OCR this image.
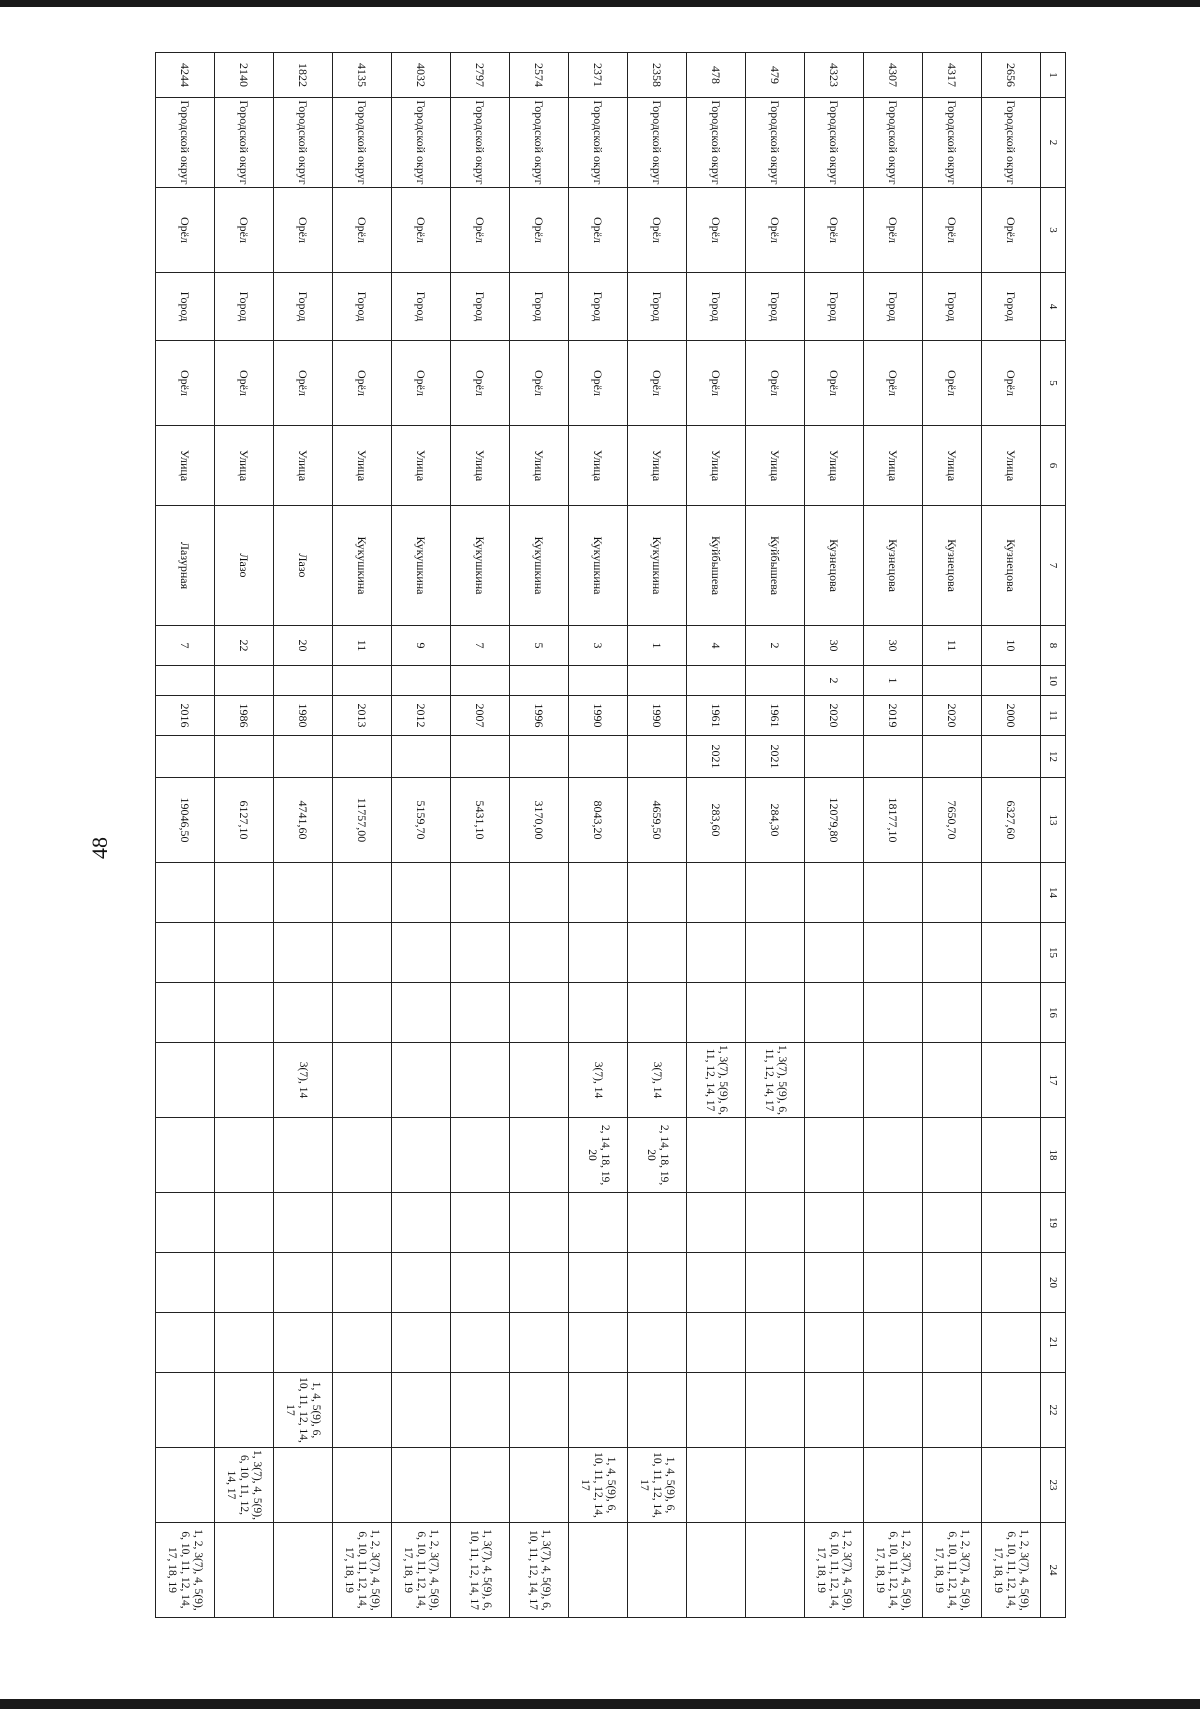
48
1	2	3	4	5	6	7	8	10	11	12	13	14	15	16	17	18	19	20	21	22	23	24
2656	Городской округ	Орёл	Город	Орёл	Улица	Кузнецова	10		2000		6327,60											1, 2, 3(7), 4, 5(9), 6, 10, 11, 12, 14, 17, 18, 19
4317	Городской округ	Орёл	Город	Орёл	Улица	Кузнецова	11		2020		7650,70											1, 2, 3(7), 4, 5(9), 6, 10, 11, 12, 14, 17, 18, 19
4307	Городской округ	Орёл	Город	Орёл	Улица	Кузнецова	30	1	2019		18177,10											1, 2, 3(7), 4, 5(9), 6, 10, 11, 12, 14, 17, 18, 19
4323	Городской округ	Орёл	Город	Орёл	Улица	Кузнецова	30	2	2020		12079,80											1, 2, 3(7), 4, 5(9), 6, 10, 11, 12, 14, 17, 18, 19
479	Городской округ	Орёл	Город	Орёл	Улица	Куйбышева	2		1961	2021	284,30				1, 3(7), 5(9), 6, 11, 12, 14, 17							
478	Городской округ	Орёл	Город	Орёл	Улица	Куйбышева	4		1961	2021	283,60				1, 3(7), 5(9), 6, 11, 12, 14, 17							
2358	Городской округ	Орёл	Город	Орёл	Улица	Кукушкина	1		1990		4659,50				3(7), 14	2, 14, 18, 19, 20					1, 4, 5(9), 6, 10, 11, 12, 14, 17	
2371	Городской округ	Орёл	Город	Орёл	Улица	Кукушкина	3		1990		8043,20				3(7), 14	2, 14, 18, 19, 20					1, 4, 5(9), 6, 10, 11, 12, 14, 17	
2574	Городской округ	Орёл	Город	Орёл	Улица	Кукушкина	5		1996		3170,00											1, 3(7), 4, 5(9), 6, 10, 11, 12, 14, 17
2797	Городской округ	Орёл	Город	Орёл	Улица	Кукушкина	7		2007		5431,10											1, 3(7), 4, 5(9), 6, 10, 11, 12, 14, 17
4032	Городской округ	Орёл	Город	Орёл	Улица	Кукушкина	9		2012		5159,70											1, 2, 3(7), 4, 5(9), 6, 10, 11, 12, 14, 17, 18, 19
4135	Городской округ	Орёл	Город	Орёл	Улица	Кукушкина	11		2013		11757,00											1, 2, 3(7), 4, 5(9), 6, 10, 11, 12, 14, 17, 18, 19
1822	Городской округ	Орёл	Город	Орёл	Улица	Лазо	20		1980		4741,60				3(7), 14					1, 4, 5(9), 6, 10, 11, 12, 14, 17		
2140	Городской округ	Орёл	Город	Орёл	Улица	Лазо	22		1986		6127,10										1, 3(7), 4, 5(9), 6, 10, 11, 12, 14, 17	
4244	Городской округ	Орёл	Город	Орёл	Улица	Лазурная	7		2016		19046,50											1, 2, 3(7), 4, 5(9), 6, 10, 11, 12, 14, 17, 18, 19
